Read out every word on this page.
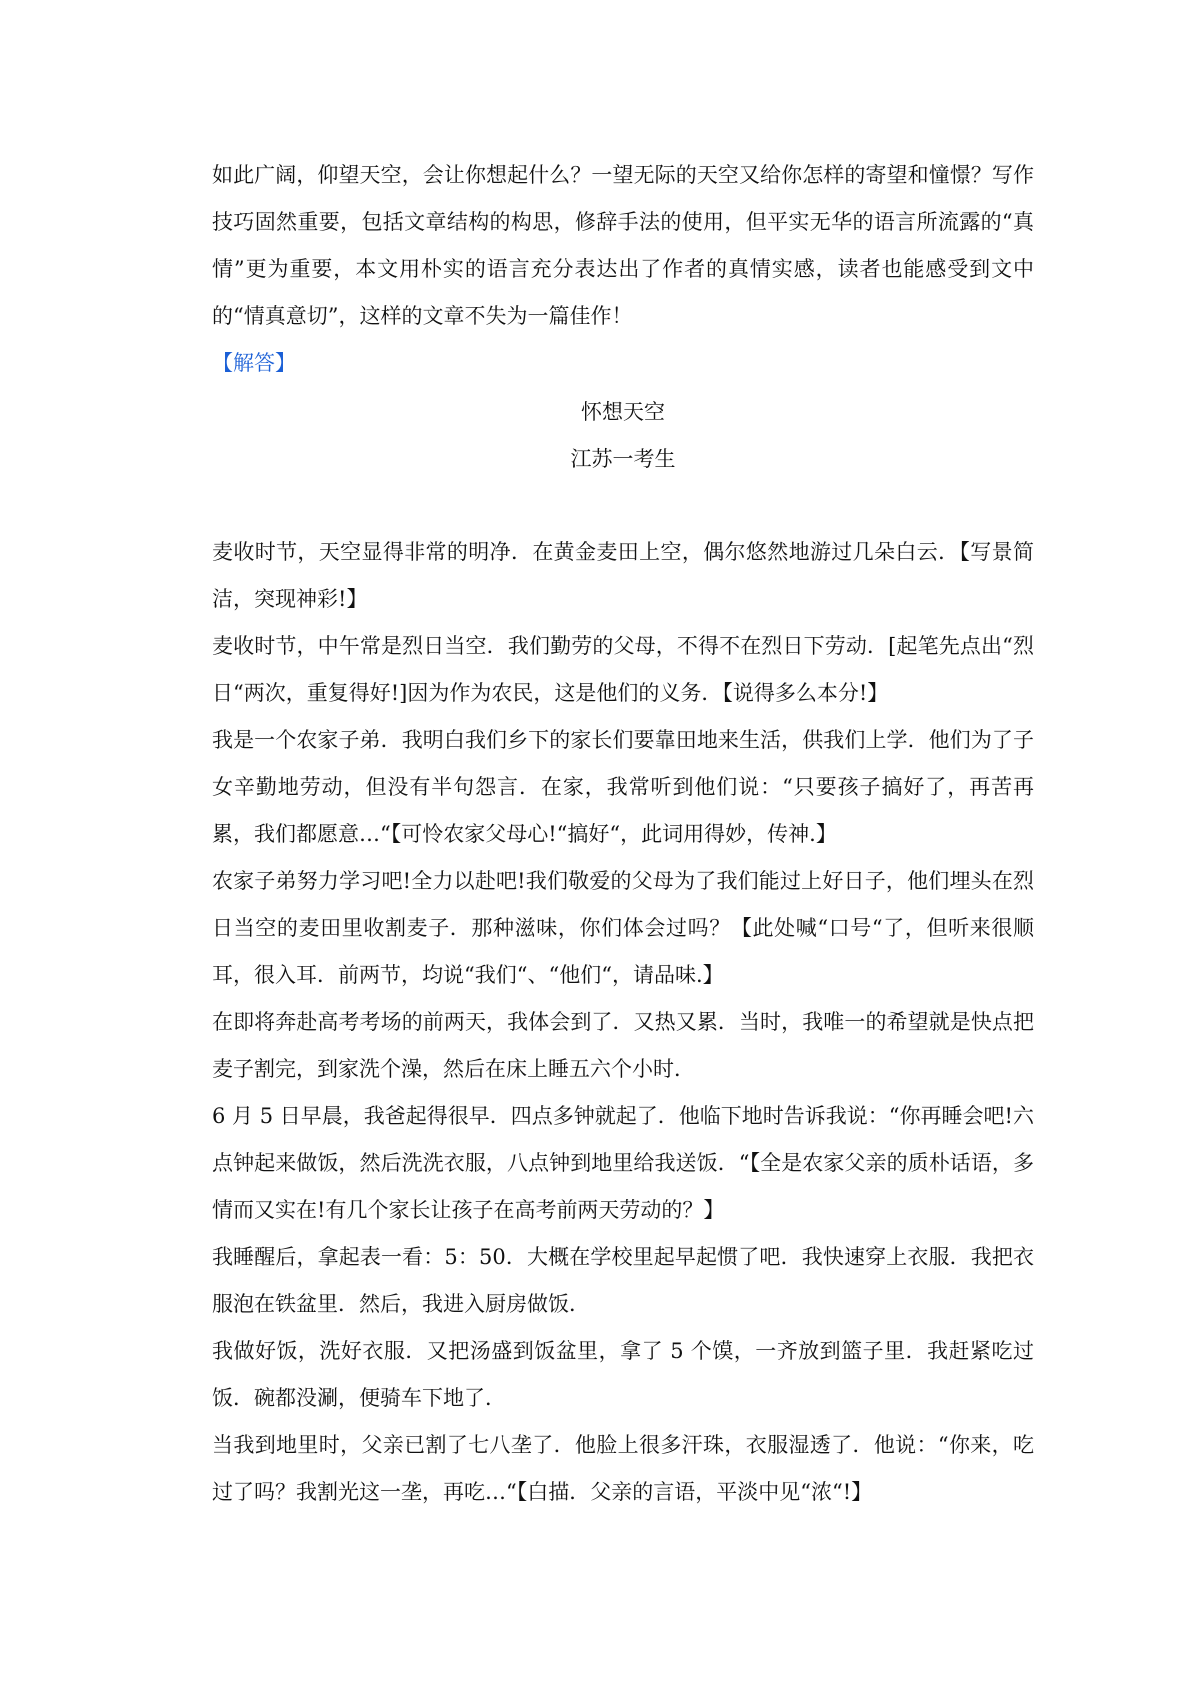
如此广阔，仰望天空，会让你想起什么？一望无际的天空又给你怎样的寄望和憧憬？写作技巧固然重要，包括文章结构的构思，修辞手法的使用，但平实无华的语言所流露的“真情”更为重要，本文用朴实的语言充分表达出了作者的真情实感，读者也能感受到文中的“情真意切”，这样的文章不失为一篇佳作！

【解答】

怀想天空

江苏一考生

麦收时节，天空显得非常的明净．在黄金麦田上空，偶尔悠然地游过几朵白云．【写景简洁，突现神彩!】

麦收时节，中午常是烈日当空．我们勤劳的父母，不得不在烈日下劳动．[起笔先点出“烈日“两次，重复得好!]因为作为农民，这是他们的义务．【说得多么本分!】

我是一个农家子弟．我明白我们乡下的家长们要靠田地来生活，供我们上学．他们为了子女辛勤地劳动，但没有半句怨言．在家，我常听到他们说：“只要孩子搞好了，再苦再累，我们都愿意…“【可怜农家父母心!“搞好“，此词用得妙，传神.】

农家子弟努力学习吧!全力以赴吧!我们敬爱的父母为了我们能过上好日子，他们埋头在烈日当空的麦田里收割麦子．那种滋味，你们体会过吗？【此处喊“口号“了，但听来很顺耳，很入耳．前两节，均说“我们“、“他们“，请品味.】

在即将奔赴高考考场的前两天，我体会到了．又热又累．当时，我唯一的希望就是快点把麦子割完，到家洗个澡，然后在床上睡五六个小时．

6 月 5 日早晨，我爸起得很早．四点多钟就起了．他临下地时告诉我说：“你再睡会吧!六点钟起来做饭，然后洗洗衣服，八点钟到地里给我送饭．“【全是农家父亲的质朴话语，多情而又实在!有几个家长让孩子在高考前两天劳动的？】

我睡醒后，拿起表一看：5：50．大概在学校里起早起惯了吧．我快速穿上衣服．我把衣服泡在铁盆里．然后，我进入厨房做饭．

我做好饭，洗好衣服．又把汤盛到饭盆里，拿了 5 个馍，一齐放到篮子里．我赶紧吃过饭．碗都没涮，便骑车下地了．

当我到地里时，父亲已割了七八垄了．他脸上很多汗珠，衣服湿透了．他说：“你来，吃过了吗？我割光这一垄，再吃…“【白描．父亲的言语，平淡中见“浓“!】
